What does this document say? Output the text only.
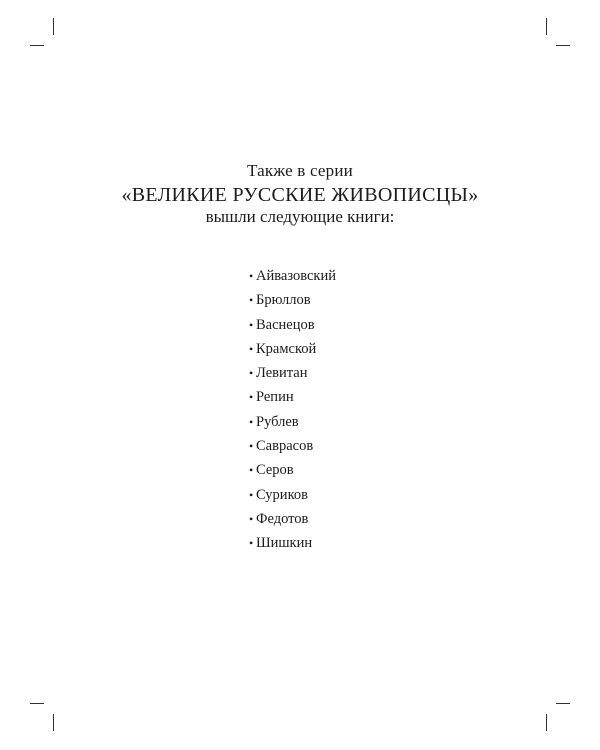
Также в серии
«ВЕЛИКИЕ РУССКИЕ ЖИВОПИСЦЫ»
вышли следующие книги:
• Айвазовский
• Брюллов
• Васнецов
• Крамской
• Левитан
• Репин
• Рублев
• Саврасов
• Серов
• Суриков
• Федотов
• Шишкин
